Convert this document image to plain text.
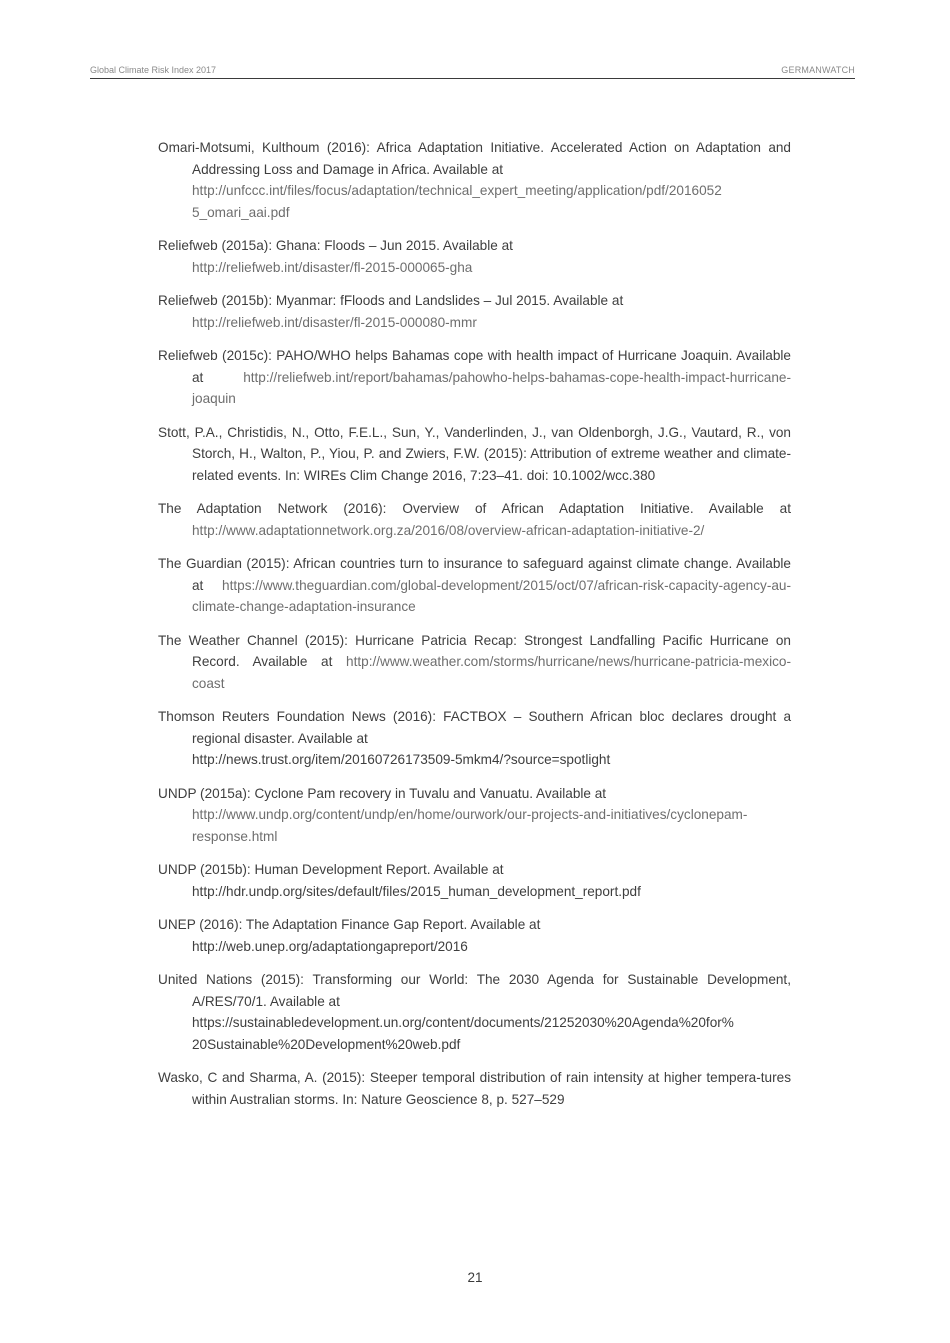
Global Climate Risk Index 2017	GERMANWATCH

Omari-Motsumi, Kulthoum (2016): Africa Adaptation Initiative. Accelerated Action on Adaptation and Addressing Loss and Damage in Africa. Available at
http://unfccc.int/files/focus/adaptation/technical_expert_meeting/application/pdf/2016052 5_omari_aai.pdf

Reliefweb (2015a): Ghana: Floods – Jun 2015. Available at
http://reliefweb.int/disaster/fl-2015-000065-gha

Reliefweb (2015b): Myanmar: fFloods and Landslides – Jul 2015. Available at
http://reliefweb.int/disaster/fl-2015-000080-mmr

Reliefweb (2015c): PAHO/WHO helps Bahamas cope with health impact of Hurricane Joaquin. Available at http://reliefweb.int/report/bahamas/pahowho-helps-bahamas-cope-health-impact-hurricane-joaquin

Stott, P.A., Christidis, N., Otto, F.E.L., Sun, Y., Vanderlinden, J., van Oldenborgh, J.G., Vautard, R., von Storch, H., Walton, P., Yiou, P. and Zwiers, F.W. (2015): Attribution of extreme weather and climate-related events. In: WIREs Clim Change 2016, 7:23–41. doi: 10.1002/wcc.380

The Adaptation Network (2016): Overview of African Adaptation Initiative. Available at http://www.adaptationnetwork.org.za/2016/08/overview-african-adaptation-initiative-2/

The Guardian (2015): African countries turn to insurance to safeguard against climate change. Available at https://www.theguardian.com/global-development/2015/oct/07/african-risk-capacity-agency-au-climate-change-adaptation-insurance

The Weather Channel (2015): Hurricane Patricia Recap: Strongest Landfalling Pacific Hurricane on Record. Available at http://www.weather.com/storms/hurricane/news/hurricane-patricia-mexico-coast

Thomson Reuters Foundation News (2016): FACTBOX – Southern African bloc declares drought a regional disaster. Available at
http://news.trust.org/item/20160726173509-5mkm4/?source=spotlight

UNDP (2015a): Cyclone Pam recovery in Tuvalu and Vanuatu. Available at
http://www.undp.org/content/undp/en/home/ourwork/our-projects-and-initiatives/cyclonepam-response.html

UNDP (2015b): Human Development Report. Available at
http://hdr.undp.org/sites/default/files/2015_human_development_report.pdf

UNEP (2016): The Adaptation Finance Gap Report. Available at
http://web.unep.org/adaptationgapreport/2016

United Nations (2015): Transforming our World: The 2030 Agenda for Sustainable Development, A/RES/70/1. Available at
https://sustainabledevelopment.un.org/content/documents/21252030%20Agenda%20for% 20Sustainable%20Development%20web.pdf

Wasko, C and Sharma, A. (2015): Steeper temporal distribution of rain intensity at higher tempera-tures within Australian storms. In: Nature Geoscience 8, p. 527–529

21
